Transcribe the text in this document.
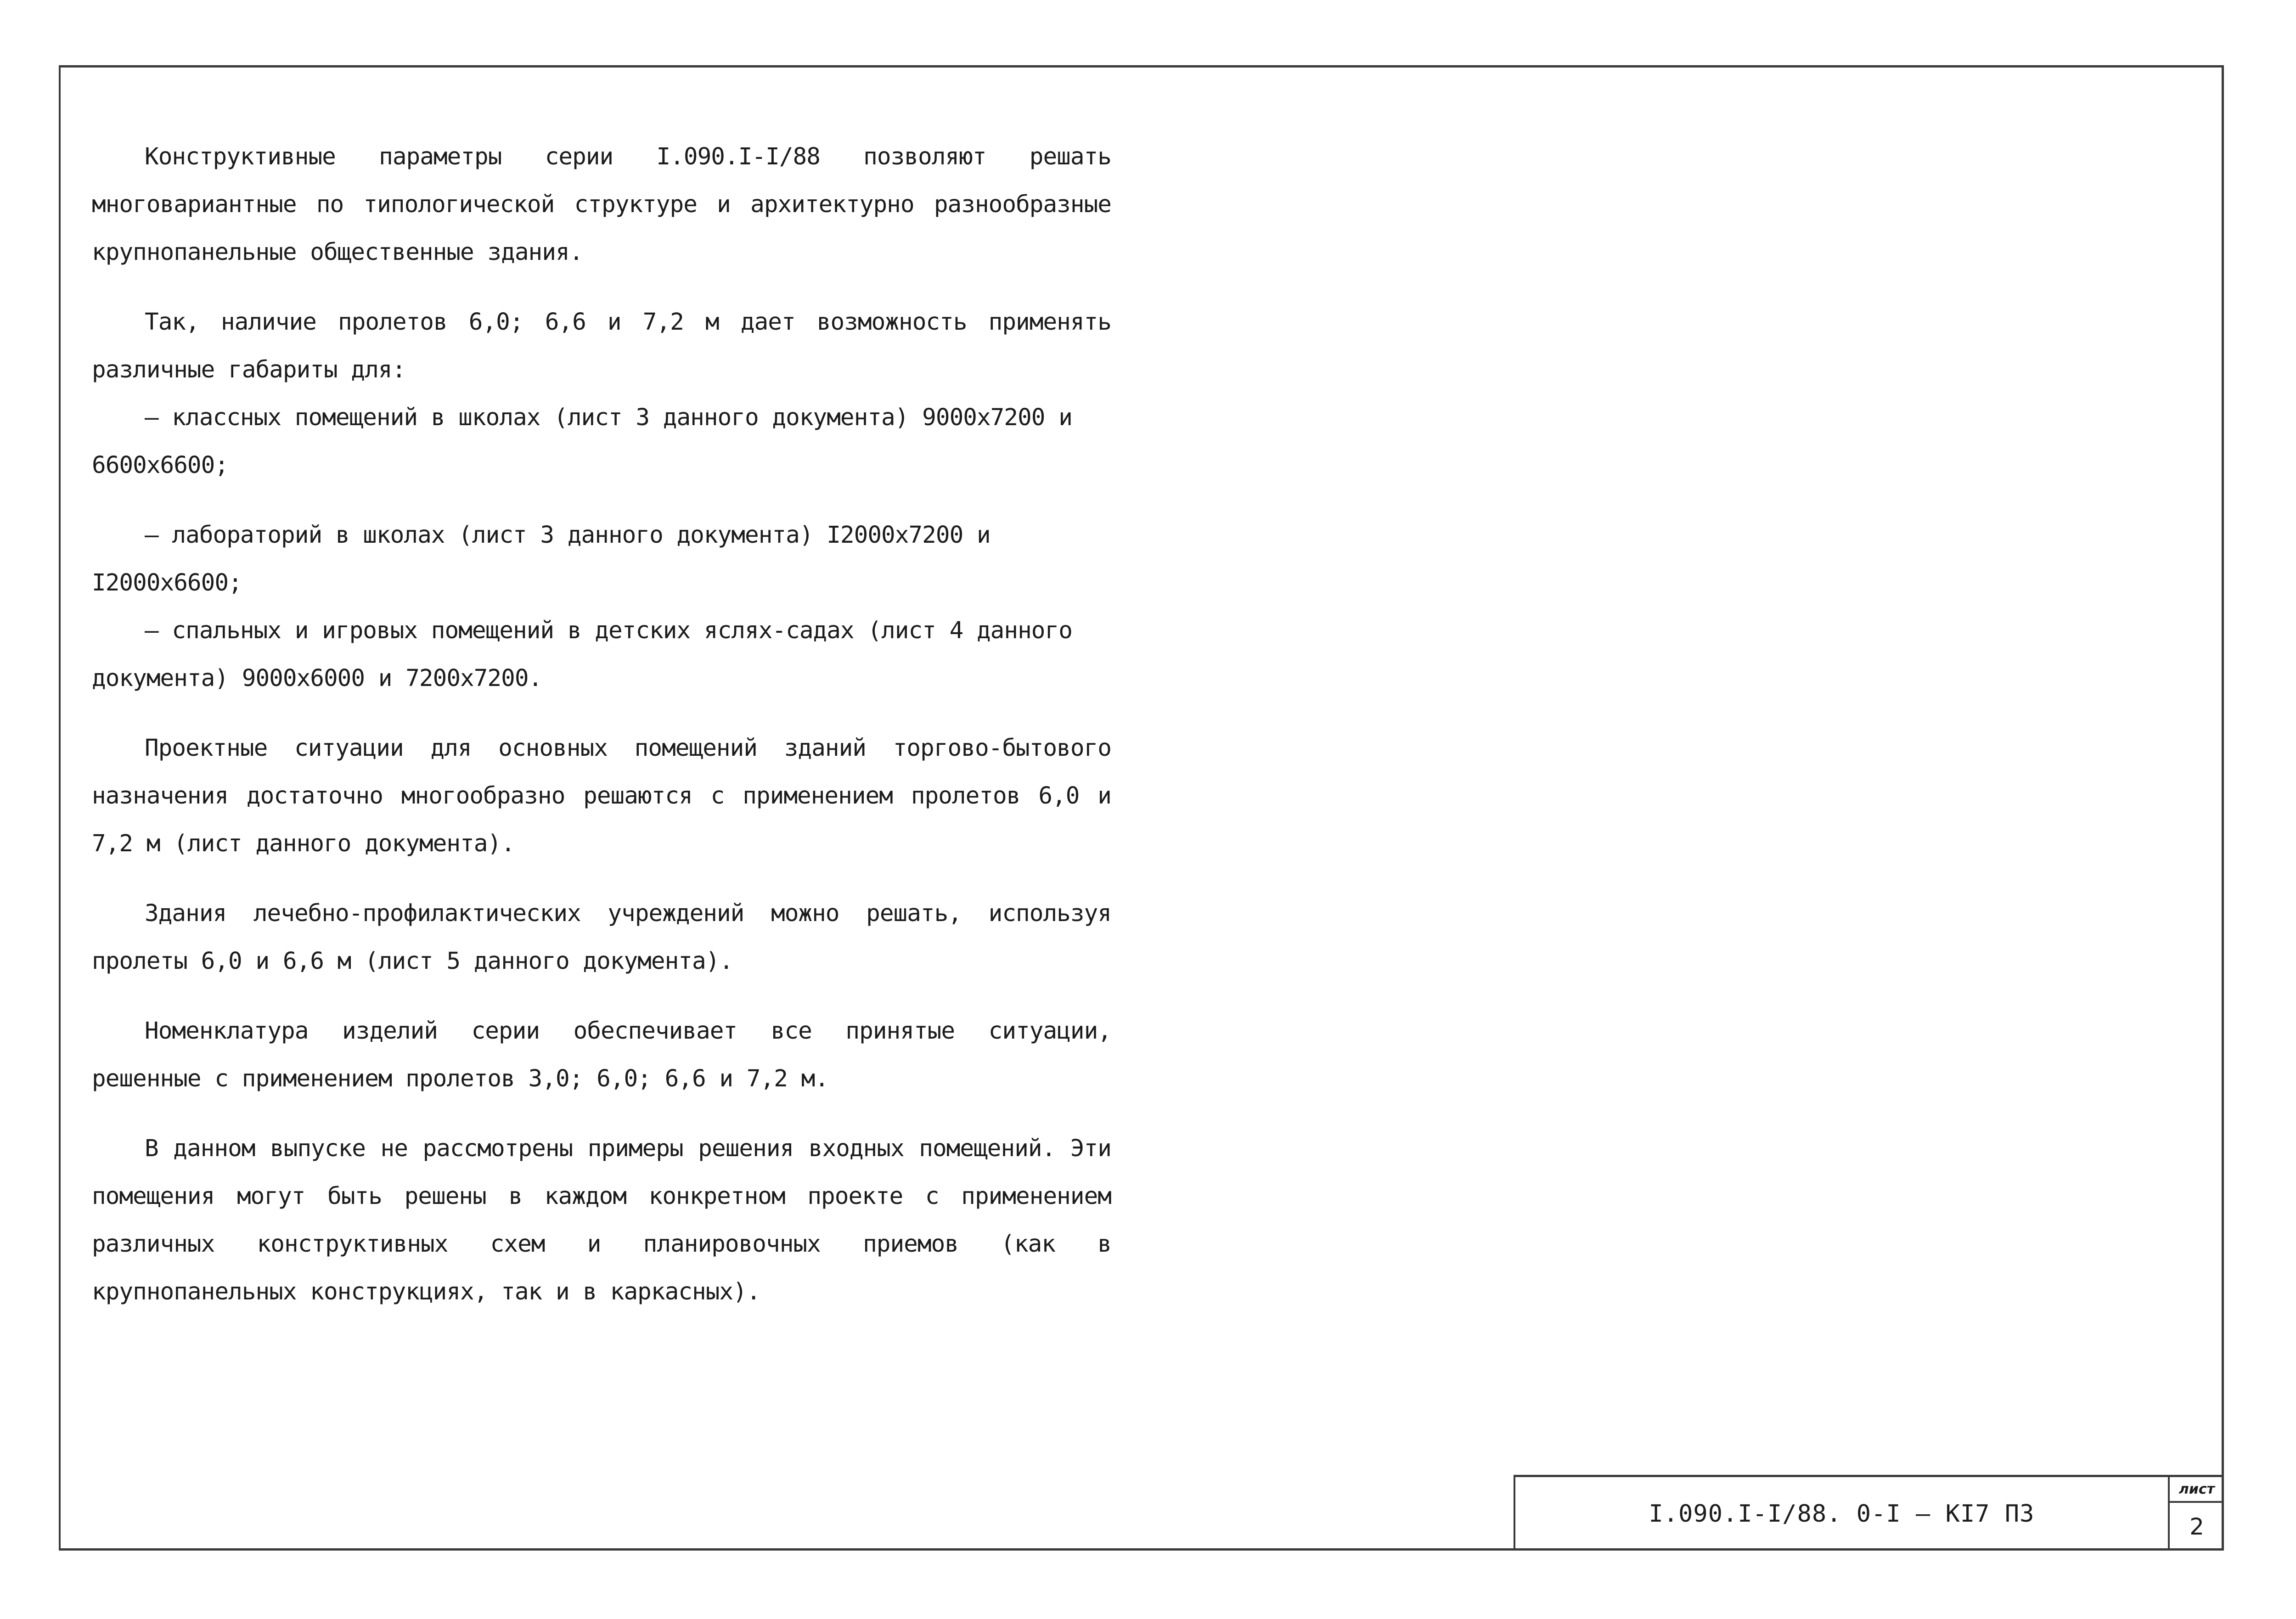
Конструктивные параметры серии I.090.I-I/88 позволяют решать многовариантные по типологической структуре и архитектурно разнообразные крупнопанельные общественные здания.

Так, наличие пролетов 6,0; 6,6 и 7,2 м дает возможность применять различные габариты для:

– классных помещений в школах (лист 3 данного документа) 9000х7200 и 6600х6600;

– лабораторий в школах (лист 3 данного документа) I2000х7200 и I2000х6600;

– спальных и игровых помещений в детских яслях-садах (лист 4 данного документа) 9000х6000 и 7200х7200.

Проектные ситуации для основных помещений зданий торгово-бытового назначения достаточно многообразно решаются с применением пролетов 6,0 и 7,2 м (лист данного документа).

Здания лечебно-профилактических учреждений можно решать, используя пролеты 6,0 и 6,6 м (лист 5 данного документа).

Номенклатура изделий серии обеспечивает все принятые ситуации, решенные с применением пролетов 3,0; 6,0; 6,6 и 7,2 м.

В данном выпуске не рассмотрены примеры решения входных помещений. Эти помещения могут быть решены в каждом конкретном проекте с применением различных конструктивных схем и планировочных приемов (как в крупнопанельных конструкциях, так и в каркасных).

I.090.I-I/88. 0-I – КI7 ПЗ
лист
2
